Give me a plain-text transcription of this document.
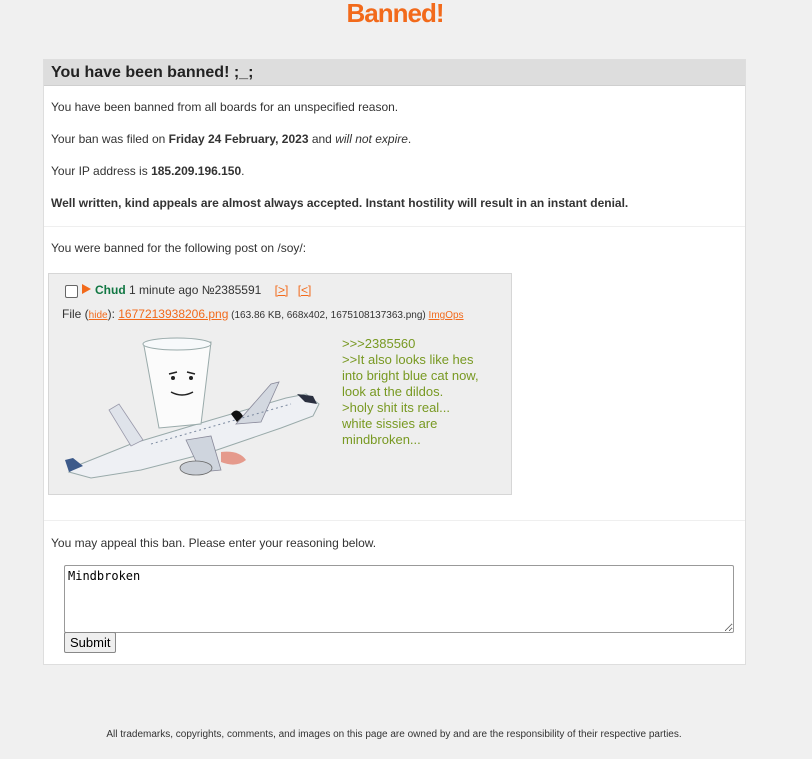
Banned!
You have been banned! ;_;
You have been banned from all boards for an unspecified reason.
Your ban was filed on Friday 24 February, 2023 and will not expire.
Your IP address is 185.209.196.150.
Well written, kind appeals are almost always accepted. Instant hostility will result in an instant denial.
You were banned for the following post on /soy/:
Chud 1 minute ago №2385591 [>] [<]
File (hide): 1677213938206.png (163.86 KB, 668x402, 1675108137363.png) ImgOps
>>>2385560
>>It also looks like hes into bright blue cat now, look at the dildos.
>holy shit its real... white sissies are mindbroken...
You may appeal this ban. Please enter your reasoning below.
Mindbroken
Submit
All trademarks, copyrights, comments, and images on this page are owned by and are the responsibility of their respective parties.
